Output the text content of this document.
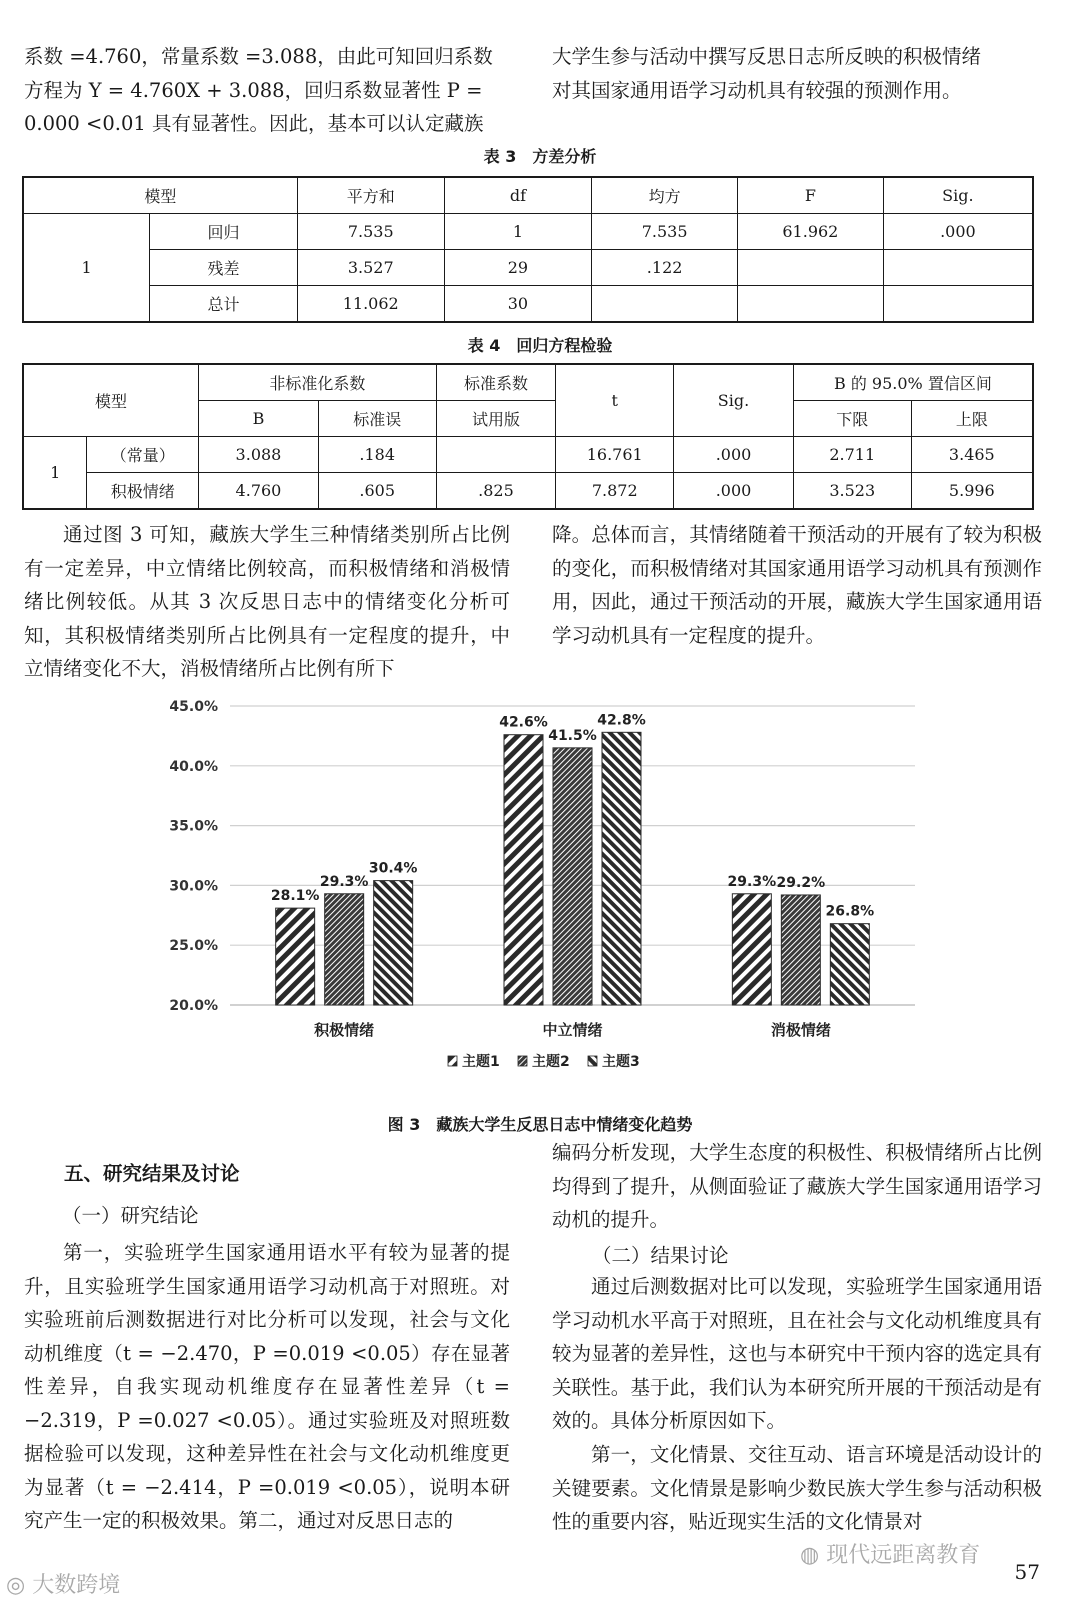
系数 =4.760，常量系数 =3.088，由此可知回归系数
方程为 Y = 4.760X + 3.088，回归系数显著性 P =
0.000 <0.01 具有显著性。因此，基本可以认定藏族
大学生参与活动中撰写反思日志所反映的积极情绪
对其国家通用语学习动机具有较强的预测作用。
表 3　方差分析
模型		平方和	df	均方	F	Sig.
1	回归	7.535	1	7.535	61.962	.000
	残差	3.527	29	.122		
	总计	11.062	30			
表 4　回归方程检验
模型		非标准化系数		标准系数	t	Sig.	B 的 95.0% 置信区间	
		B	标准误	试用版			下限	上限
1	（常量）	3.088	.184		16.761	.000	2.711	3.465
	积极情绪	4.760	.605	.825	7.872	.000	3.523	5.996

通过图 3 可知，藏族大学生三种情绪类别所占比例有一定差异，中立情绪比例较高，而积极情绪和消极情绪比例较低。从其 3 次反思日志中的情绪变化分析可知，其积极情绪类别所占比例具有一定程度的提升，中立情绪变化不大，消极情绪所占比例有所下

降。总体而言，其情绪随着干预活动的开展有了较为积极的变化，而积极情绪对其国家通用语学习动机具有预测作用，因此，通过干预活动的开展，藏族大学生国家通用语学习动机具有一定程度的提升。

20.0%
25.0%
30.0%
35.0%
40.0%
45.0%
28.1%
29.3%
30.4%
42.6%
41.5%
42.8%
29.3% 29.2%
26.8%
积极情绪	中立情绪	消极情绪
主题1 主题2 主题3
图 3　藏族大学生反思日志中情绪变化趋势
五、研究结果及讨论
（一）研究结论

第一，实验班学生国家通用语水平有较为显著的提升，且实验班学生国家通用语学习动机高于对照班。对实验班前后测数据进行对比分析可以发现，社会与文化动机维度（t = −2.470，P =0.019 <0.05）存在显著性差异，自我实现动机维度存在显著性差异（t = −2.319，P =0.027 <0.05）。通过实验班及对照班数据检验可以发现，这种差异性在社会与文化动机维度更为显著（t = −2.414，P =0.019 <0.05），说明本研究产生一定的积极效果。第二，通过对反思日志的

编码分析发现，大学生态度的积极性、积极情绪所占比例均得到了提升，从侧面验证了藏族大学生国家通用语学习动机的提升。

（二）结果讨论

通过后测数据对比可以发现，实验班学生国家通用语学习动机水平高于对照班，且在社会与文化动机维度具有较为显著的差异性，这也与本研究中干预内容的选定具有关联性。基于此，我们认为本研究所开展的干预活动是有效的。具体分析原因如下。

第一，文化情景、交往互动、语言环境是活动设计的关键要素。文化情景是影响少数民族大学生参与活动积极性的重要内容，贴近现实生活的文化情景对

◎ 大数跨境
◍ 现代远距离教育
57
